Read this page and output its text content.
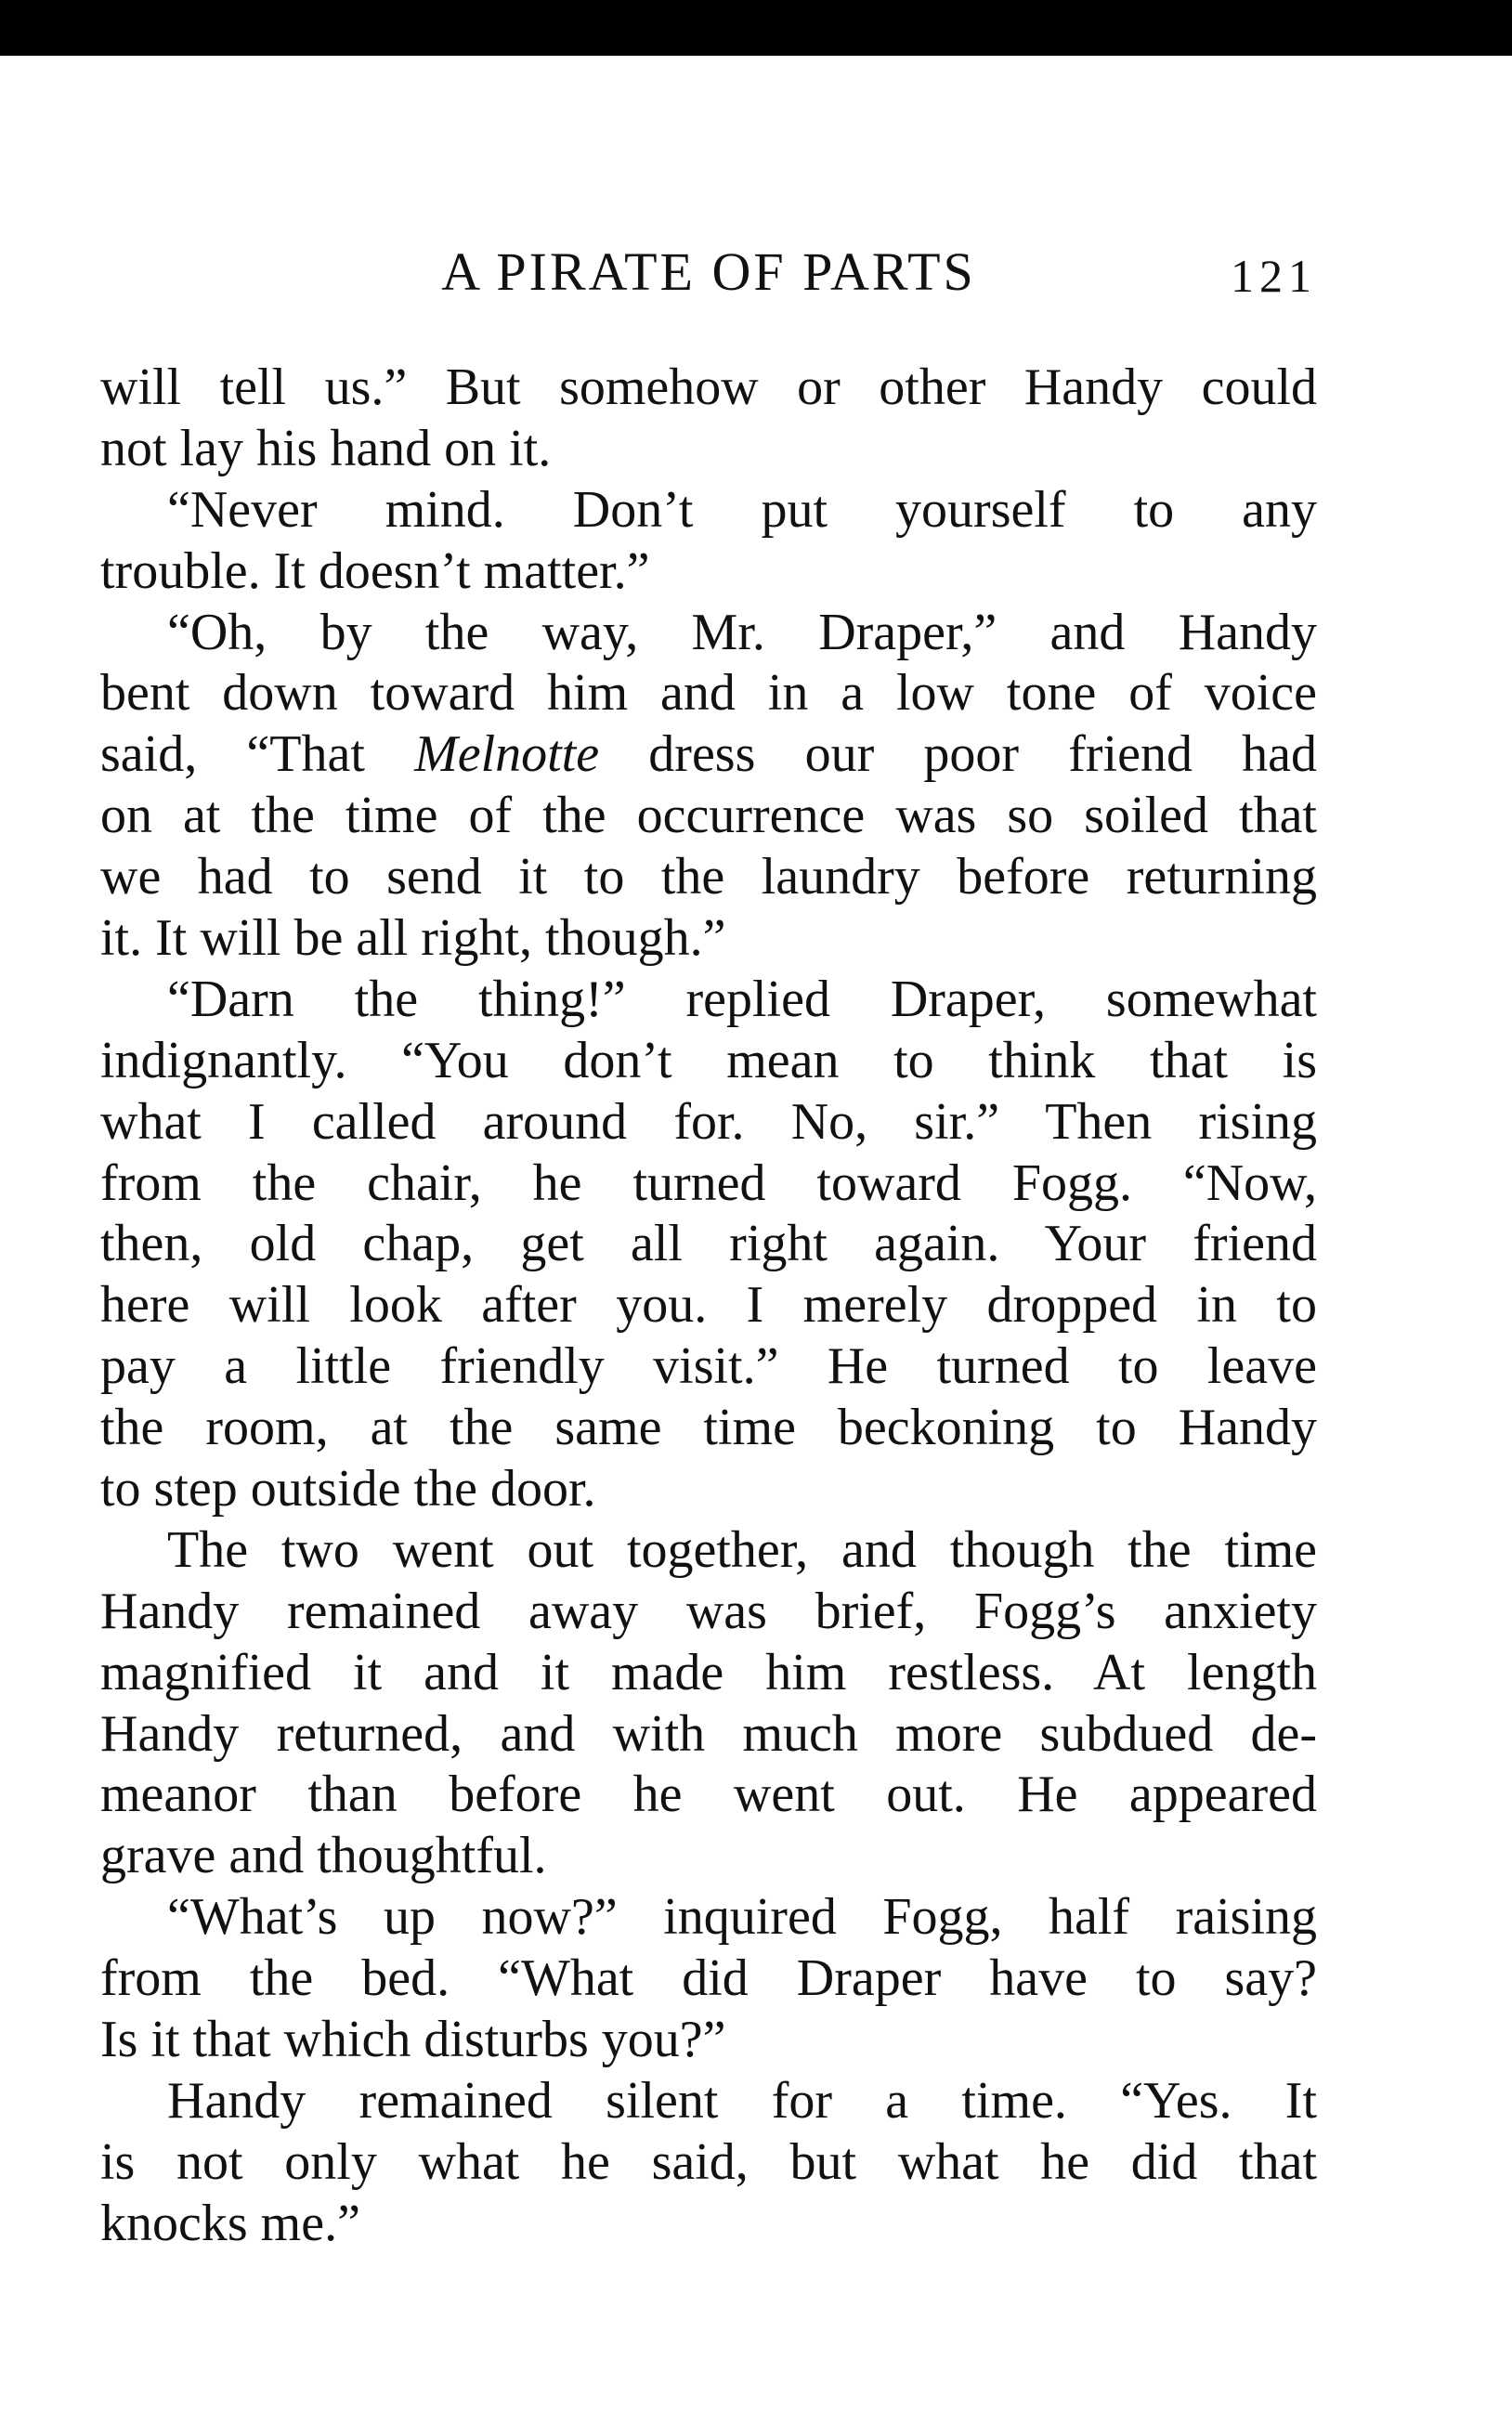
A PIRATE OF PARTS	121
will tell us.” But somehow or other Handy could
not lay his hand on it.
“Never mind. Don’t put yourself to any
trouble. It doesn’t matter.”
“Oh, by the way, Mr. Draper,” and Handy
bent down toward him and in a low tone of voice
said, “That Melnotte dress our poor friend had
on at the time of the occurrence was so soiled that
we had to send it to the laundry before returning
it. It will be all right, though.”
“Darn the thing!” replied Draper, somewhat
indignantly. “You don’t mean to think that is
what I called around for. No, sir.” Then rising
from the chair, he turned toward Fogg. “Now,
then, old chap, get all right again. Your friend
here will look after you. I merely dropped in to
pay a little friendly visit.” He turned to leave
the room, at the same time beckoning to Handy
to step outside the door.
The two went out together, and though the time
Handy remained away was brief, Fogg’s anxiety
magnified it and it made him restless. At length
Handy returned, and with much more subdued de-
meanor than before he went out. He appeared
grave and thoughtful.
“What’s up now?” inquired Fogg, half raising
from the bed. “What did Draper have to say?
Is it that which disturbs you?”
Handy remained silent for a time. “Yes. It
is not only what he said, but what he did that
knocks me.”
